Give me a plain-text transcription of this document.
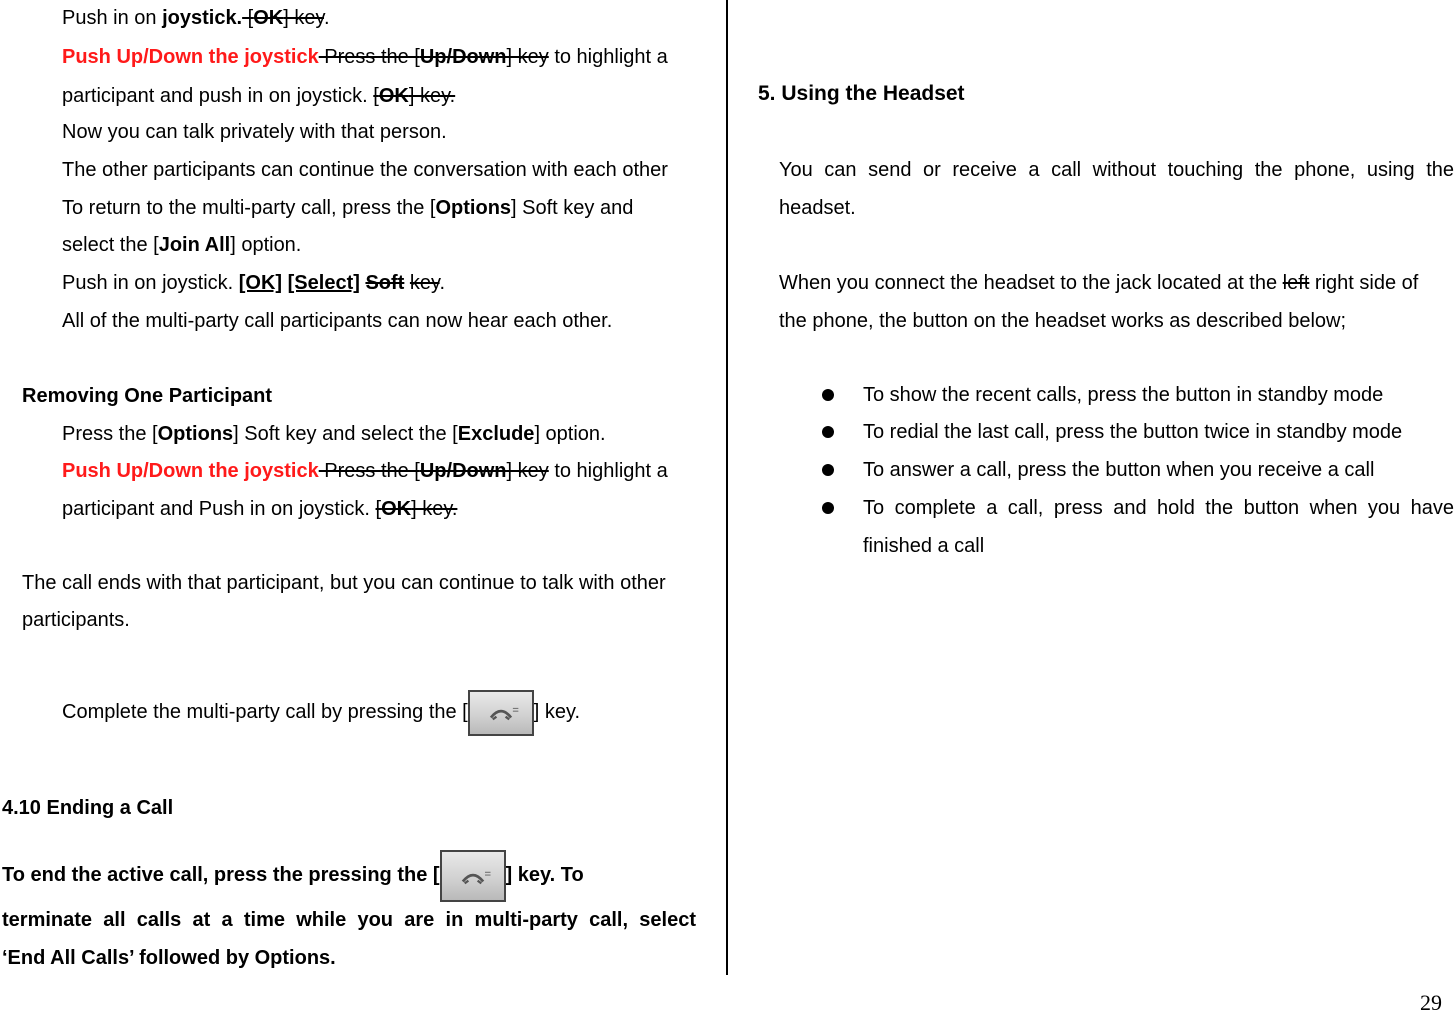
Push in on joystick. [OK] key.
Push Up/Down the joystick Press the [Up/Down] key to highlight a
participant and push in on joystick. [OK] key.
Now you can talk privately with that person.
The other participants can continue the conversation with each other
To return to the multi-party call, press the [Options] Soft key and
select the [Join All] option.
Push in on joystick. [OK] [Select] Soft key.
All of the multi-party call participants can now hear each other.
Removing One Participant
Press the [Options] Soft key and select the [Exclude] option.
Push Up/Down the joystick Press the [Up/Down] key to highlight a
participant and Push in on joystick. [OK] key.
The call ends with that participant, but you can continue to talk with other
participants.
Complete the multi-party call by pressing the [	] key.
4.10 Ending a Call
To end the active call, press the pressing the [	] key. To
terminate all calls at a time while you are in multi-party call, select
‘End All Calls’ followed by Options.
5. Using the Headset
You can send or receive a call without touching the phone, using the
headset.
When you connect the headset to the jack located at the left right side of
the phone, the button on the headset works as described below;
To show the recent calls, press the button in standby mode
To redial the last call, press the button twice in standby mode
To answer a call, press the button when you receive a call
To complete a call, press and hold the button when you have
finished a call
29
